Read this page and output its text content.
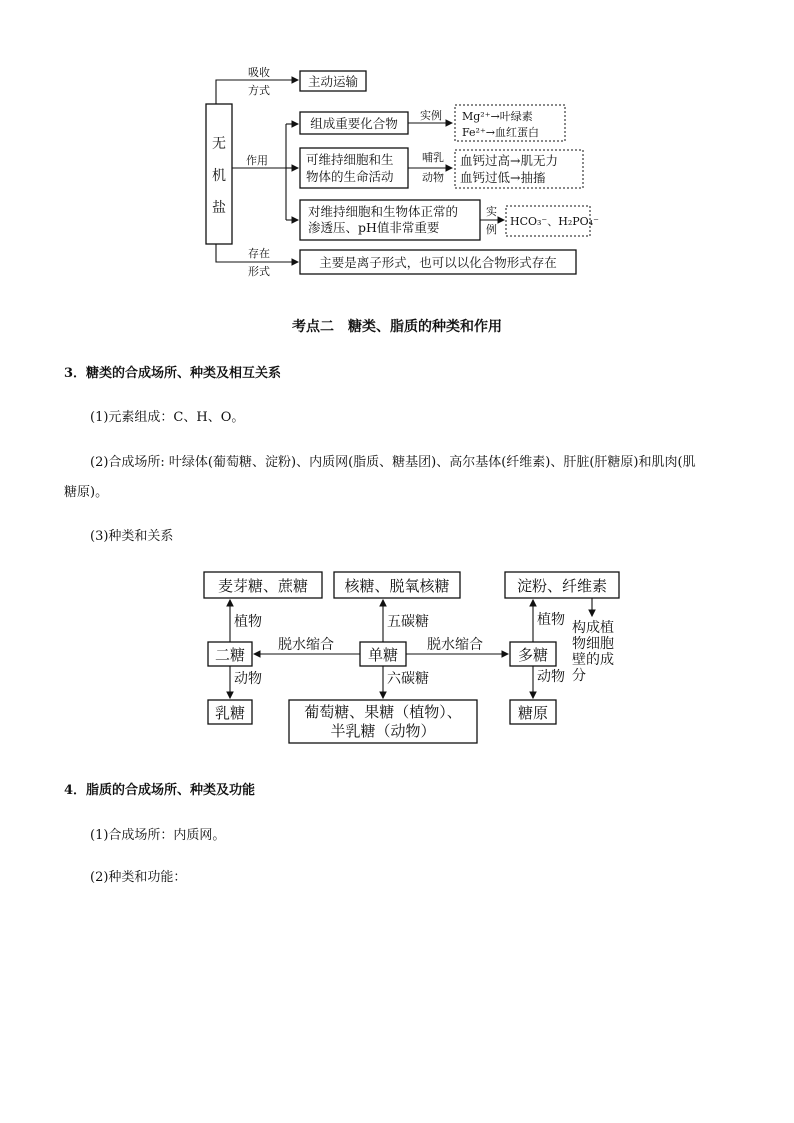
无
机
盐
吸收
方式
主动运输
作用
组成重要化合物
实例 Mg²⁺→叶绿素
Fe²⁺→血红蛋白
可维持细胞和生
物体的生命活动
哺乳
动物
血钙过高→肌无力
血钙过低→抽搐
对维持细胞和生物体正常的
渗透压、pH值非常重要
实
例
HCO₃⁻、H₂PO₄⁻
存在
形式
主要是离子形式，也可以以化合物形式存在
考点二　糖类、脂质的种类和作用
3．糖类的合成场所、种类及相互关系
(1)元素组成：C、H、O。
(2)合成场所: 叶绿体(葡萄糖、淀粉)、内质网(脂质、糖基团)、高尔基体(纤维素)、肝脏(肝糖原)和肌肉(肌
糖原)。
(3)种类和关系
麦芽糖、蔗糖 核糖、脱氧核糖	淀粉、纤维素
二糖	单糖	多糖
脱水缩合	脱水缩合
植物	五碳糖	植物 构成植
物细胞
壁的成
分
动物	六碳糖	动物
乳糖	葡萄糖、果糖（植物）、
半乳糖（动物）
糖原
4．脂质的合成场所、种类及功能
(1)合成场所：内质网。
(2)种类和功能：
